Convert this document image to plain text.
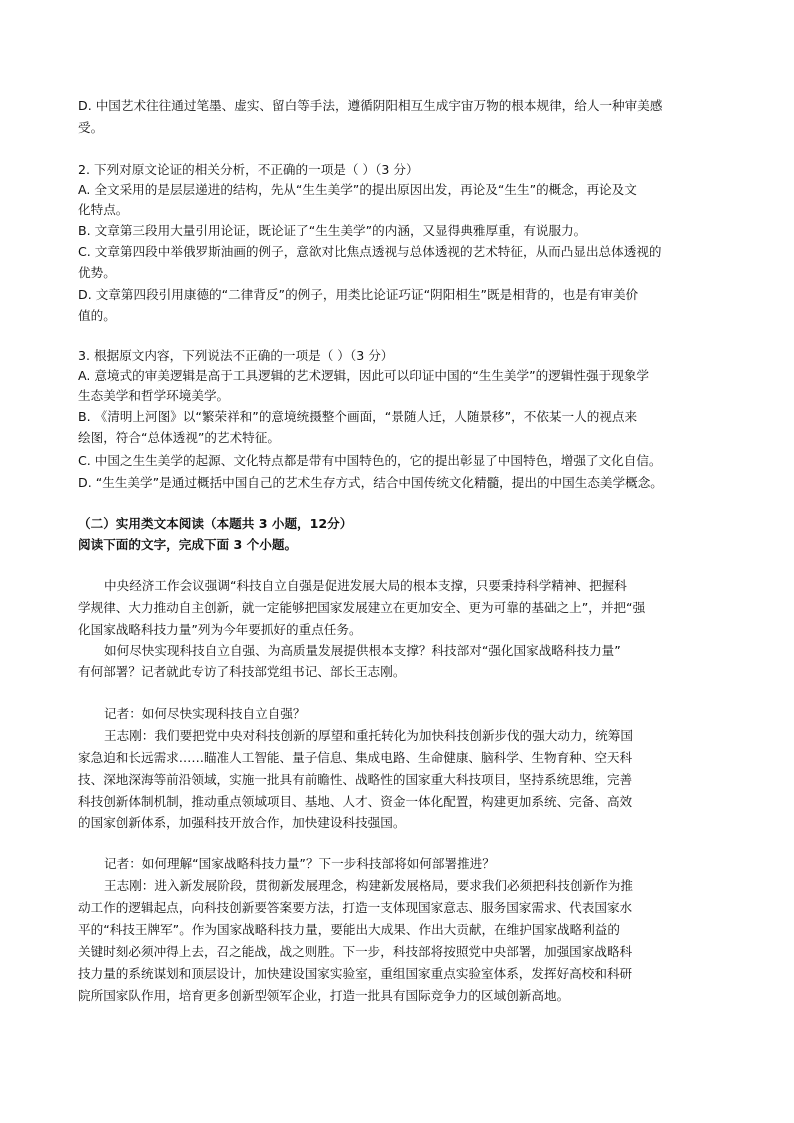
D. 中国艺术往往通过笔墨、虚实、留白等手法，遵循阴阳相互生成宇宙万物的根本规律，给人一种审美感
受。
2. 下列对原文论证的相关分析，不正确的一项是（ ）（3 分）
A. 全文采用的是层层递进的结构，先从“生生美学”的提出原因出发，再论及“生生”的概念，再论及文
化特点。
B. 文章第三段用大量引用论证，既论证了“生生美学”的内涵，又显得典雅厚重，有说服力。
C. 文章第四段中举俄罗斯油画的例子，意欲对比焦点透视与总体透视的艺术特征，从而凸显出总体透视的
优势。
D. 文章第四段引用康德的“二律背反”的例子，用类比论证巧证“阴阳相生”既是相背的，也是有审美价
值的。
3. 根据原文内容，下列说法不正确的一项是（ ）（3 分）
A. 意境式的审美逻辑是高于工具逻辑的艺术逻辑，因此可以印证中国的“生生美学”的逻辑性强于现象学
生态美学和哲学环境美学。
B. 《清明上河图》以“繁荣祥和”的意境统摄整个画面，“景随人迁，人随景移”，不依某一人的视点来
绘图，符合“总体透视”的艺术特征。
C. 中国之生生美学的起源、文化特点都是带有中国特色的，它的提出彰显了中国特色，增强了文化自信。
D. “生生美学”是通过概括中国自己的艺术生存方式，结合中国传统文化精髓，提出的中国生态美学概念。
（二）实用类文本阅读（本题共 3 小题，12分）
阅读下面的文字，完成下面 3 个小题。
中央经济工作会议强调“科技自立自强是促进发展大局的根本支撑，只要秉持科学精神、把握科
学规律、大力推动自主创新，就一定能够把国家发展建立在更加安全、更为可靠的基础之上”，并把“强
化国家战略科技力量”列为今年要抓好的重点任务。
如何尽快实现科技自立自强、为高质量发展提供根本支撑？科技部对“强化国家战略科技力量”
有何部署？记者就此专访了科技部党组书记、部长王志刚。
记者：如何尽快实现科技自立自强？
王志刚：我们要把党中央对科技创新的厚望和重托转化为加快科技创新步伐的强大动力，统筹国
家急迫和长远需求……瞄准人工智能、量子信息、集成电路、生命健康、脑科学、生物育种、空天科
技、深地深海等前沿领域，实施一批具有前瞻性、战略性的国家重大科技项目，坚持系统思维，完善
科技创新体制机制，推动重点领域项目、基地、人才、资金一体化配置，构建更加系统、完备、高效
的国家创新体系，加强科技开放合作，加快建设科技强国。
记者：如何理解“国家战略科技力量”？下一步科技部将如何部署推进？
王志刚：进入新发展阶段，贯彻新发展理念，构建新发展格局，要求我们必须把科技创新作为推
动工作的逻辑起点，向科技创新要答案要方法，打造一支体现国家意志、服务国家需求、代表国家水
平的“科技王牌军”。作为国家战略科技力量，要能出大成果、作出大贡献，在维护国家战略利益的
关键时刻必须冲得上去，召之能战，战之则胜。下一步，科技部将按照党中央部署，加强国家战略科
技力量的系统谋划和顶层设计，加快建设国家实验室，重组国家重点实验室体系，发挥好高校和科研
院所国家队作用，培育更多创新型领军企业，打造一批具有国际竞争力的区域创新高地。
